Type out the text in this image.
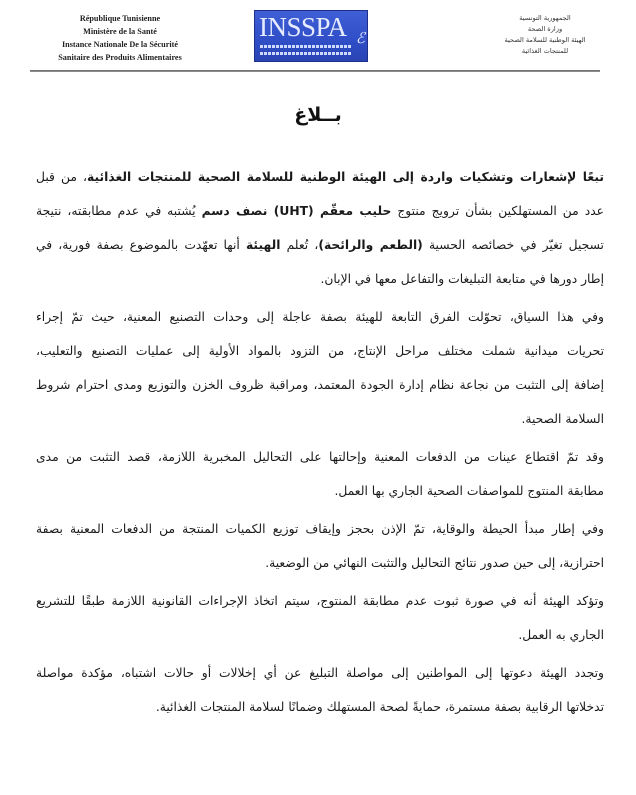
République Tunisienne
Ministère de la Santé
Instance Nationale De la Sécurité
Sanitaire des Produits Alimentaires
INSSPA ℰ
الجمهورية التونسية
وزارة الصحة
الهيئة الوطنية للسلامة الصحية
للمنتجات الغذائية
بــلاغ
تبعًا لإشعارات وتشكيات واردة إلى الهيئة الوطنية للسلامة الصحية للمنتجات الغذائية، من قبل
عدد من المستهلكين بشأن ترويج منتوج حليب معقّم (UHT) نصف دسم يُشتبه في عدم مطابقته، نتيجة
تسجيل تغيّر في خصائصه الحسية (الطعم والرائحة)، تُعلم الهيئة أنها تعهّدت بالموضوع بصفة فورية، في
إطار دورها في متابعة التبليغات والتفاعل معها في الإبان.
وفي هذا السياق، تحوّلت الفرق التابعة للهيئة بصفة عاجلة إلى وحدات التصنيع المعنية، حيث تمّ إجراء
تحريات ميدانية شملت مختلف مراحل الإنتاج، من التزود بالمواد الأولية إلى عمليات التصنيع والتعليب،
إضافة إلى التثبت من نجاعة نظام إدارة الجودة المعتمد، ومراقبة ظروف الخزن والتوزيع ومدى احترام شروط
السلامة الصحية.
وقد تمّ اقتطاع عينات من الدفعات المعنية وإحالتها على التحاليل المخبرية اللازمة، قصد التثبت من مدى
مطابقة المنتوج للمواصفات الصحية الجاري بها العمل.
وفي إطار مبدأ الحيطة والوقاية، تمّ الإذن بحجز وإيقاف توزيع الكميات المنتجة من الدفعات المعنية بصفة
احترازية، إلى حين صدور نتائج التحاليل والتثبت النهائي من الوضعية.
وتؤكد الهيئة أنه في صورة ثبوت عدم مطابقة المنتوج، سيتم اتخاذ الإجراءات القانونية اللازمة طبقًا للتشريع
الجاري به العمل.
وتجدد الهيئة دعوتها إلى المواطنين إلى مواصلة التبليغ عن أي إخلالات أو حالات اشتباه، مؤكدة مواصلة
تدخلاتها الرقابية بصفة مستمرة، حمايةً لصحة المستهلك وضمانًا لسلامة المنتجات الغذائية.
